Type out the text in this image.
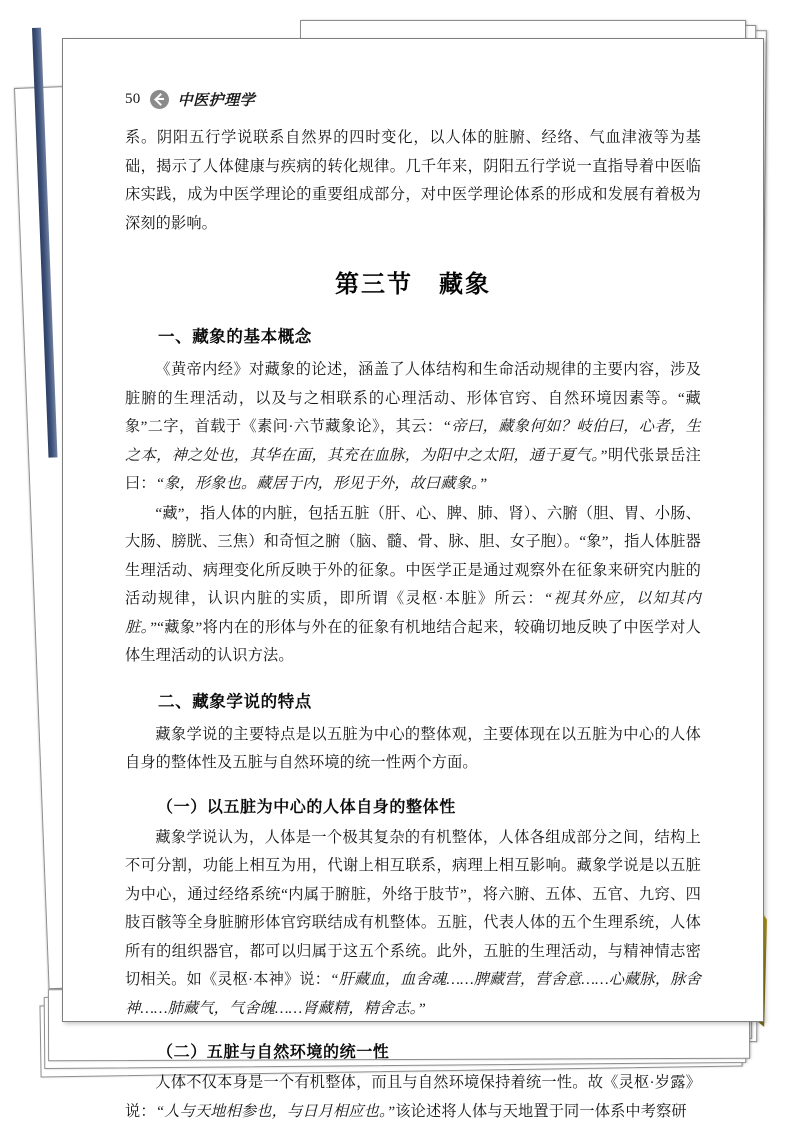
50 中医护理学

系。阴阳五行学说联系自然界的四时变化，以人体的脏腑、经络、气血津液等为基础，揭示了人体健康与疾病的转化规律。几千年来，阴阳五行学说一直指导着中医临床实践，成为中医学理论的重要组成部分，对中医学理论体系的形成和发展有着极为深刻的影响。

第三节　藏象
一、藏象的基本概念

《黄帝内经》对藏象的论述，涵盖了人体结构和生命活动规律的主要内容，涉及脏腑的生理活动，以及与之相联系的心理活动、形体官窍、自然环境因素等。“藏象”二字，首载于《素问·六节藏象论》，其云：“帝曰，藏象何如？岐伯曰，心者，生之本，神之处也，其华在面，其充在血脉，为阳中之太阳，通于夏气。”明代张景岳注曰：“象，形象也。藏居于内，形见于外，故曰藏象。”

“藏”，指人体的内脏，包括五脏（肝、心、脾、肺、肾）、六腑（胆、胃、小肠、大肠、膀胱、三焦）和奇恒之腑（脑、髓、骨、脉、胆、女子胞）。“象”，指人体脏器生理活动、病理变化所反映于外的征象。中医学正是通过观察外在征象来研究内脏的活动规律，认识内脏的实质，即所谓《灵枢·本脏》所云：“视其外应，以知其内脏。”“藏象”将内在的形体与外在的征象有机地结合起来，较确切地反映了中医学对人体生理活动的认识方法。

二、藏象学说的特点

藏象学说的主要特点是以五脏为中心的整体观，主要体现在以五脏为中心的人体自身的整体性及五脏与自然环境的统一性两个方面。

（一）以五脏为中心的人体自身的整体性

藏象学说认为，人体是一个极其复杂的有机整体，人体各组成部分之间，结构上不可分割，功能上相互为用，代谢上相互联系，病理上相互影响。藏象学说是以五脏为中心，通过经络系统“内属于腑脏，外络于肢节”，将六腑、五体、五官、九窍、四肢百骸等全身脏腑形体官窍联结成有机整体。五脏，代表人体的五个生理系统，人体所有的组织器官，都可以归属于这五个系统。此外，五脏的生理活动，与精神情志密切相关。如《灵枢·本神》说：“肝藏血，血舍魂……脾藏营，营舍意……心藏脉，脉舍神……肺藏气，气舍魄……肾藏精，精舍志。”

（二）五脏与自然环境的统一性

人体不仅本身是一个有机整体，而且与自然环境保持着统一性。故《灵枢·岁露》说：“人与天地相参也，与日月相应也。”该论述将人体与天地置于同一体系中考察研
